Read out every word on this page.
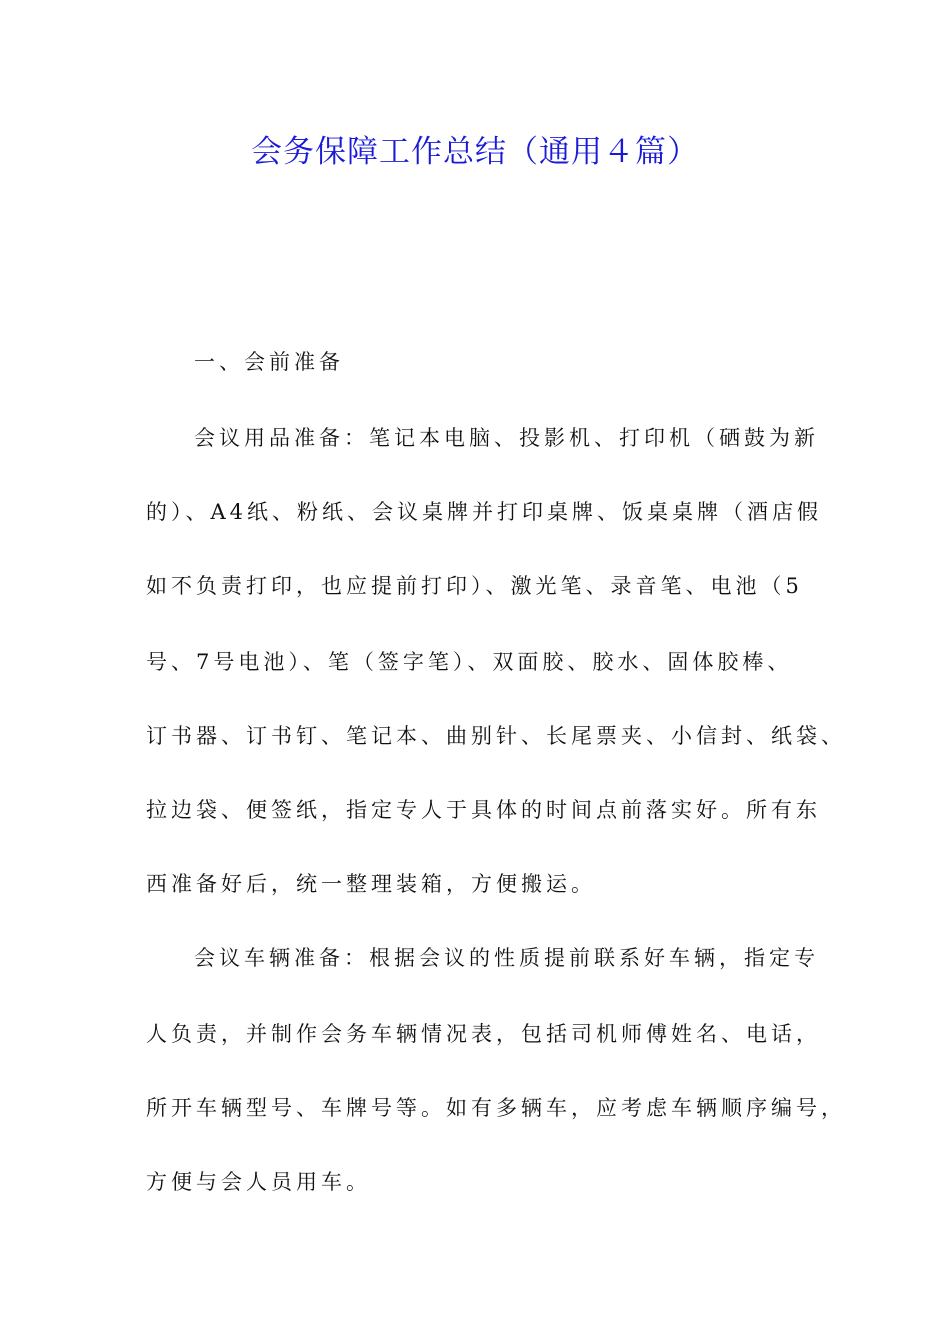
会务保障工作总结（通用４篇）
一、会前准备
会议用品准备：笔记本电脑、投影机、打印机（硒鼓为新
的）、A4纸、粉纸、会议桌牌并打印桌牌、饭桌桌牌（酒店假
如不负责打印，也应提前打印）、激光笔、录音笔、电池（5
号、7号电池）、笔（签字笔）、双面胶、胶水、固体胶棒、
订书器、订书钉、笔记本、曲别针、长尾票夹、小信封、纸袋、
拉边袋、便签纸，指定专人于具体的时间点前落实好。所有东
西准备好后，统一整理装箱，方便搬运。
会议车辆准备：根据会议的性质提前联系好车辆，指定专
人负责，并制作会务车辆情况表，包括司机师傅姓名、电话，
所开车辆型号、车牌号等。如有多辆车，应考虑车辆顺序编号，
方便与会人员用车。
